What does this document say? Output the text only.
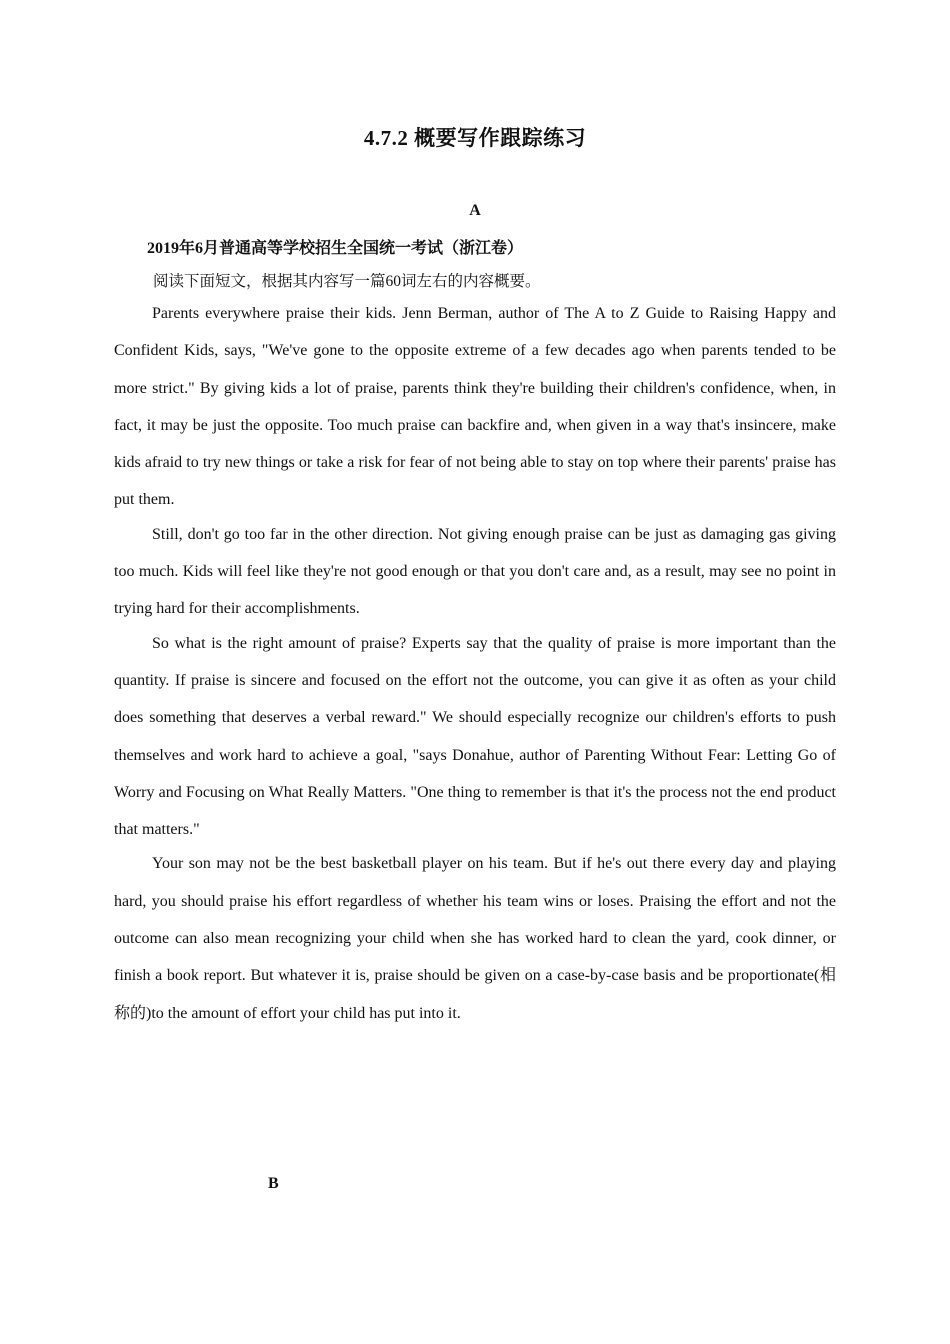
4.7.2 概要写作跟踪练习
A
2019年6月普通高等学校招生全国统一考试（浙江卷）
阅读下面短文，根据其内容写一篇60词左右的内容概要。

Parents everywhere praise their kids. Jenn Berman, author of The A to Z Guide to Raising Happy and Confident Kids, says, "We've gone to the opposite extreme of a few decades ago when parents tended to be more strict." By giving kids a lot of praise, parents think they're building their children's confidence, when, in fact, it may be just the opposite. Too much praise can backfire and, when given in a way that's insincere, make kids afraid to try new things or take a risk for fear of not being able to stay on top where their parents' praise has put them.

Still, don't go too far in the other direction. Not giving enough praise can be just as damaging gas giving too much. Kids will feel like they're not good enough or that you don't care and, as a result, may see no point in trying hard for their accomplishments.

So what is the right amount of praise? Experts say that the quality of praise is more important than the quantity. If praise is sincere and focused on the effort not the outcome, you can give it as often as your child does something that deserves a verbal reward." We should especially recognize our children's efforts to push themselves and work hard to achieve a goal, "says Donahue, author of Parenting Without Fear: Letting Go of Worry and Focusing on What Really Matters. "One thing to remember is that it's the process not the end product that matters."

Your son may not be the best basketball player on his team. But if he's out there every day and playing hard, you should praise his effort regardless of whether his team wins or loses. Praising the effort and not the outcome can also mean recognizing your child when she has worked hard to clean the yard, cook dinner, or finish a book report. But whatever it is, praise should be given on a case-by-case basis and be proportionate(相称的)to the amount of effort your child has put into it.

B
